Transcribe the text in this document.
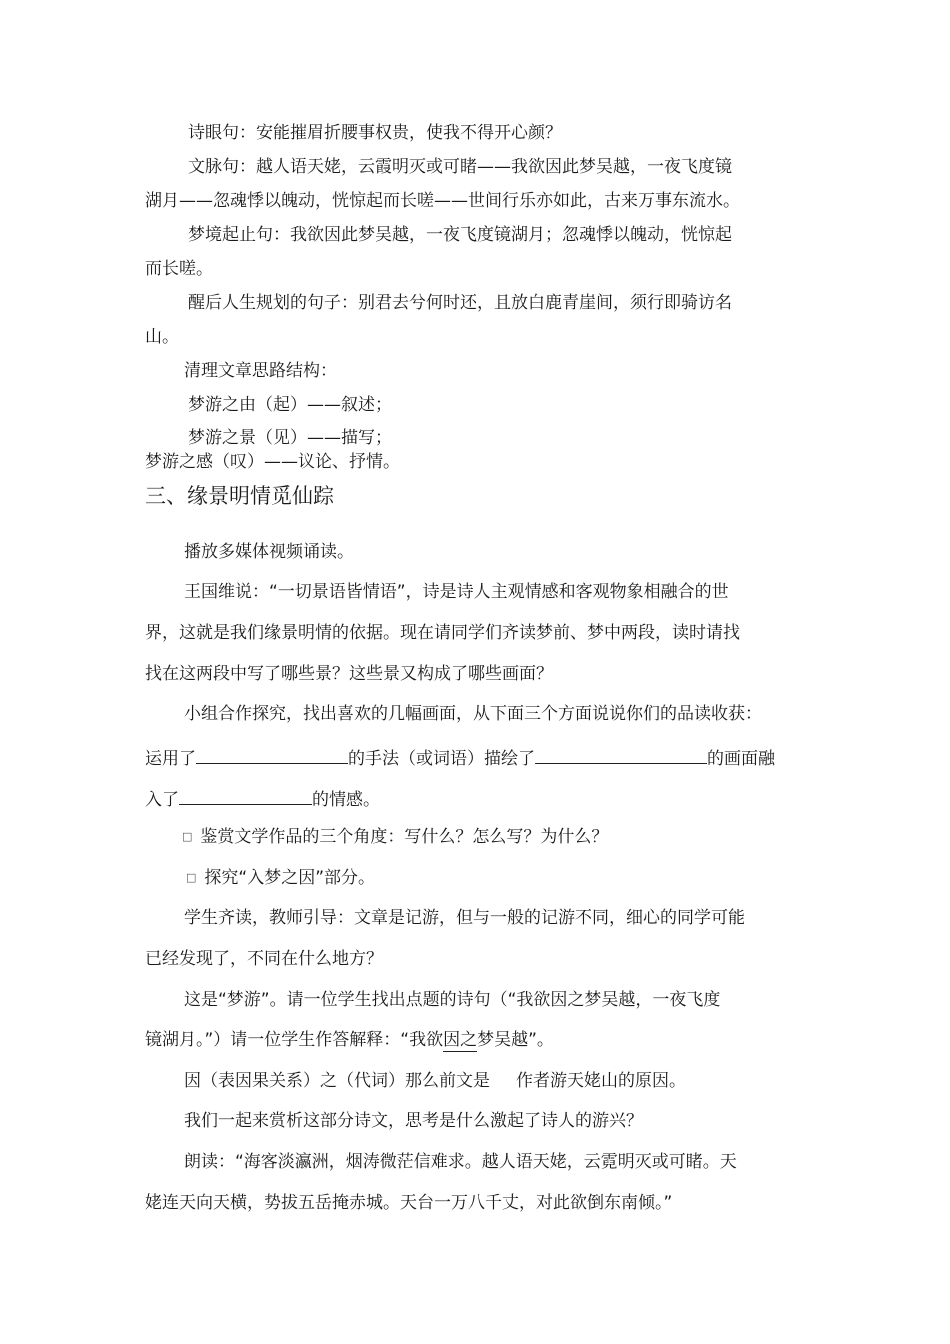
诗眼句：安能摧眉折腰事权贵，使我不得开心颜？
文脉句：越人语天姥，云霞明灭或可睹——我欲因此梦吴越，一夜飞度镜
湖月——忽魂悸以魄动，恍惊起而长嗟——世间行乐亦如此，古来万事东流水。
梦境起止句：我欲因此梦吴越，一夜飞度镜湖月；忽魂悸以魄动，恍惊起
而长嗟。
醒后人生规划的句子：别君去兮何时还，且放白鹿青崖间，须行即骑访名
山。
清理文章思路结构：
梦游之由（起）——叙述；
梦游之景（见）——描写；
梦游之感（叹）——议论、抒情。
三、缘景明情觅仙踪
播放多媒体视频诵读。
王国维说：“一切景语皆情语”，诗是诗人主观情感和客观物象相融合的世
界，这就是我们缘景明情的依据。现在请同学们齐读梦前、梦中两段，读时请找
找在这两段中写了哪些景？这些景又构成了哪些画面？
小组合作探究，找出喜欢的几幅画面，从下面三个方面说说你们的品读收获：
运用了	的手法（或词语）描绘了	的画面融
入了	的情感。
□ 鉴赏文学作品的三个角度：写什么？怎么写？为什么？
□ 探究“入梦之因”部分。
学生齐读，教师引导：文章是记游，但与一般的记游不同，细心的同学可能
已经发现了，不同在什么地方？
这是“梦游”。请一位学生找出点题的诗句（“我欲因之梦吴越，一夜飞度
镜湖月。”）请一位学生作答解释：“我欲因之梦吴越”。
因（表因果关系）之（代词）那么前文是 作者游天姥山的原因。
我们一起来赏析这部分诗文，思考是什么激起了诗人的游兴？
朗读：“海客淡瀛洲，烟涛微茫信难求。越人语天姥，云霓明灭或可睹。天
姥连天向天横，势拔五岳掩赤城。天台一万八千丈，对此欲倒东南倾。”
